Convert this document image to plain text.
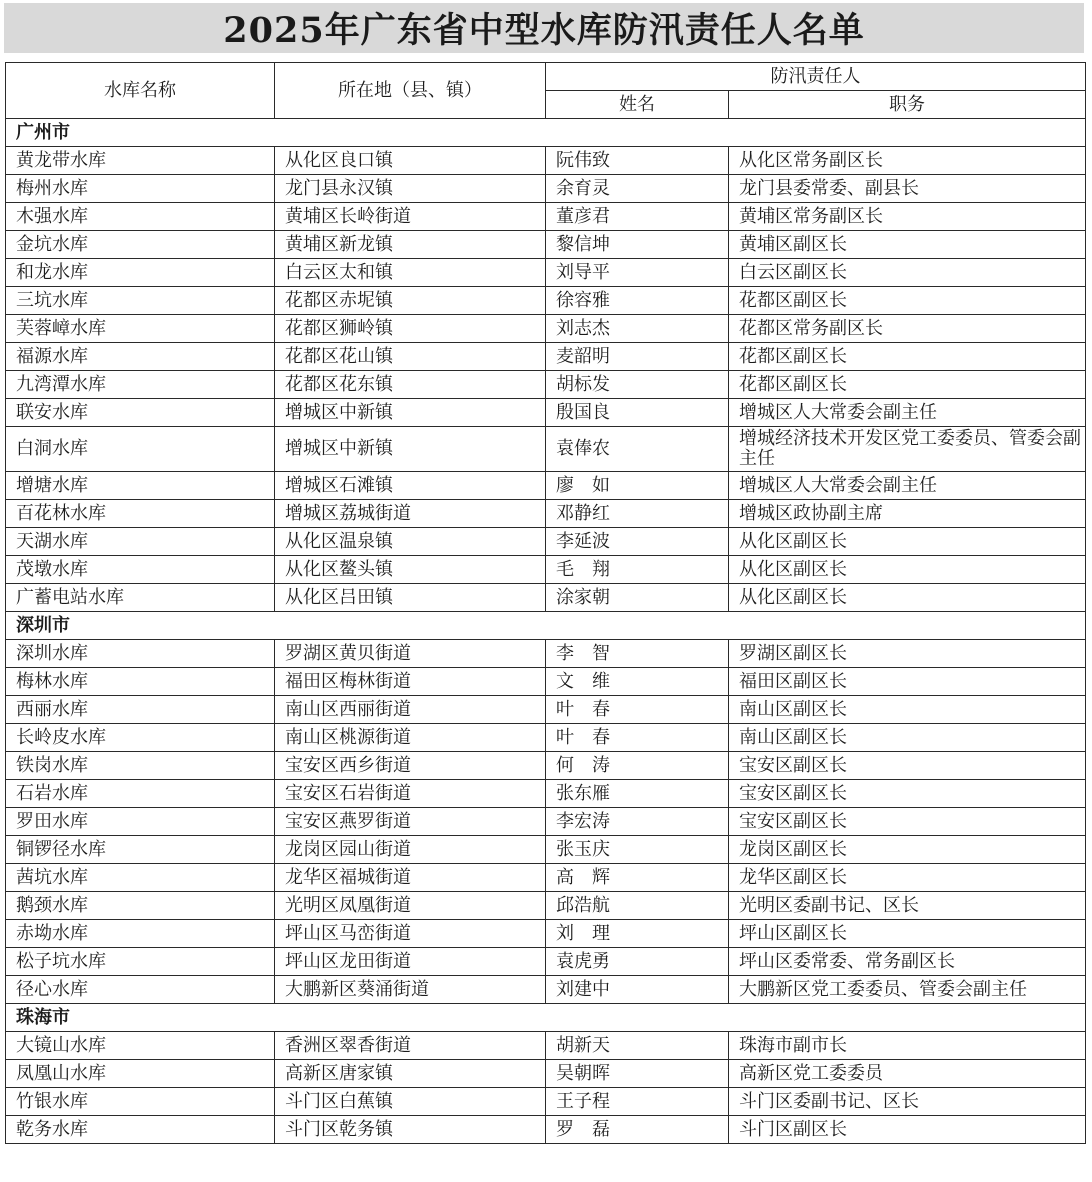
2025年广东省中型水库防汛责任人名单
水库名称	所在地（县、镇）	防汛责任人	
		姓名	职务
广州市			
黄龙带水库	从化区良口镇	阮伟致	从化区常务副区长
梅州水库	龙门县永汉镇	余育灵	龙门县委常委、副县长
木强水库	黄埔区长岭街道	董彦君	黄埔区常务副区长
金坑水库	黄埔区新龙镇	黎信坤	黄埔区副区长
和龙水库	白云区太和镇	刘导平	白云区副区长
三坑水库	花都区赤坭镇	徐容雅	花都区副区长
芙蓉嶂水库	花都区狮岭镇	刘志杰	花都区常务副区长
福源水库	花都区花山镇	麦韶明	花都区副区长
九湾潭水库	花都区花东镇	胡标发	花都区副区长
联安水库	增城区中新镇	殷国良	增城区人大常委会副主任
白洞水库	增城区中新镇	袁俸农	增城经济技术开发区党工委委员、管委会副主任
增塘水库	增城区石滩镇	廖　如	增城区人大常委会副主任
百花林水库	增城区荔城街道	邓静红	增城区政协副主席
天湖水库	从化区温泉镇	李延波	从化区副区长
茂墩水库	从化区鳌头镇	毛　翔	从化区副区长
广蓄电站水库	从化区吕田镇	涂家朝	从化区副区长
深圳市			
深圳水库	罗湖区黄贝街道	李　智	罗湖区副区长
梅林水库	福田区梅林街道	文　维	福田区副区长
西丽水库	南山区西丽街道	叶　春	南山区副区长
长岭皮水库	南山区桃源街道	叶　春	南山区副区长
铁岗水库	宝安区西乡街道	何　涛	宝安区副区长
石岩水库	宝安区石岩街道	张东雁	宝安区副区长
罗田水库	宝安区燕罗街道	李宏涛	宝安区副区长
铜锣径水库	龙岗区园山街道	张玉庆	龙岗区副区长
茜坑水库	龙华区福城街道	高　辉	龙华区副区长
鹅颈水库	光明区凤凰街道	邱浩航	光明区委副书记、区长
赤坳水库	坪山区马峦街道	刘　理	坪山区副区长
松子坑水库	坪山区龙田街道	袁虎勇	坪山区委常委、常务副区长
径心水库	大鹏新区葵涌街道	刘建中	大鹏新区党工委委员、管委会副主任
珠海市			
大镜山水库	香洲区翠香街道	胡新天	珠海市副市长
凤凰山水库	高新区唐家镇	吴朝晖	高新区党工委委员
竹银水库	斗门区白蕉镇	王子程	斗门区委副书记、区长
乾务水库	斗门区乾务镇	罗　磊	斗门区副区长
